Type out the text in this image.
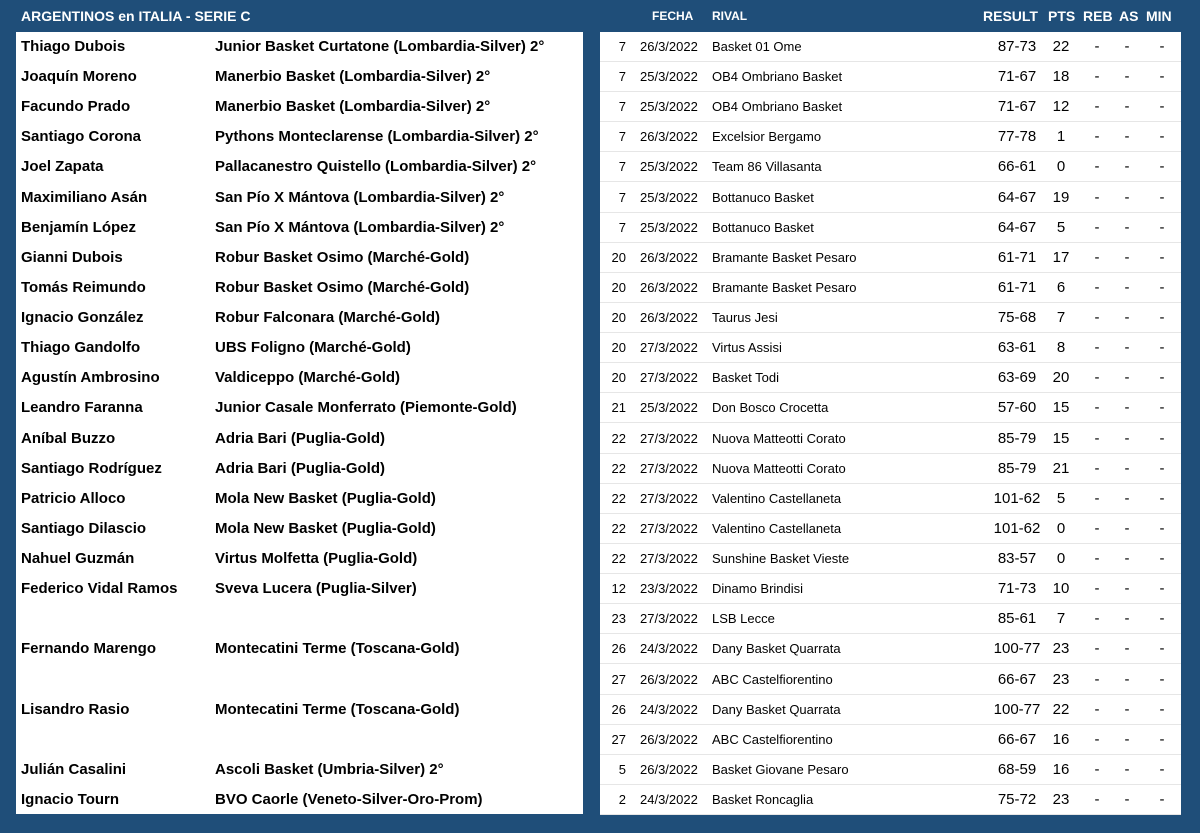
ARGENTINOS en ITALIA - SERIE C	FECHA RIVAL	RESULT PTS REB AS MIN
Thiago Dubois	Junior Basket Curtatone (Lombardia-Silver) 2°
Joaquín Moreno	Manerbio Basket (Lombardia-Silver) 2°
Facundo Prado	Manerbio Basket (Lombardia-Silver) 2°
Santiago Corona	Pythons Monteclarense (Lombardia-Silver) 2°
Joel Zapata	Pallacanestro Quistello (Lombardia-Silver) 2°
Maximiliano Asán	San Pío X Mántova (Lombardia-Silver) 2°
Benjamín López	San Pío X Mántova (Lombardia-Silver) 2°
Gianni Dubois	Robur Basket Osimo (Marché-Gold)
Tomás Reimundo	Robur Basket Osimo (Marché-Gold)
Ignacio González	Robur Falconara (Marché-Gold)
Thiago Gandolfo	UBS Foligno (Marché-Gold)
Agustín Ambrosino	Valdiceppo (Marché-Gold)
Leandro Faranna	Junior Casale Monferrato (Piemonte-Gold)
Aníbal Buzzo	Adria Bari (Puglia-Gold)
Santiago Rodríguez	Adria Bari (Puglia-Gold)
Patricio Alloco	Mola New Basket (Puglia-Gold)
Santiago Dilascio	Mola New Basket (Puglia-Gold)
Nahuel Guzmán	Virtus Molfetta (Puglia-Gold)
Federico Vidal Ramos	Sveva Lucera (Puglia-Silver)
Fernando Marengo	Montecatini Terme (Toscana-Gold)
Lisandro Rasio	Montecatini Terme (Toscana-Gold)
Julián Casalini	Ascoli Basket (Umbria-Silver) 2°
Ignacio Tourn	BVO Caorle (Veneto-Silver-Oro-Prom)
7 26/3/2022	Basket 01 Ome	87-73	22	-	-	-
7 25/3/2022	OB4 Ombriano Basket	71-67	18	-	-	-
7 25/3/2022	OB4 Ombriano Basket	71-67	12	-	-	-
7 26/3/2022	Excelsior Bergamo	77-78	1	-	-	-
7 25/3/2022	Team 86 Villasanta	66-61	0	-	-	-
7 25/3/2022	Bottanuco Basket	64-67	19	-	-	-
7 25/3/2022	Bottanuco Basket	64-67	5	-	-	-
20 26/3/2022	Bramante Basket Pesaro	61-71	17	-	-	-
20 26/3/2022	Bramante Basket Pesaro	61-71	6	-	-	-
20 26/3/2022	Taurus Jesi	75-68	7	-	-	-
20 27/3/2022	Virtus Assisi	63-61	8	-	-	-
20 27/3/2022	Basket Todi	63-69	20	-	-	-
21 25/3/2022	Don Bosco Crocetta	57-60	15	-	-	-
22 27/3/2022	Nuova Matteotti Corato	85-79	15	-	-	-
22 27/3/2022	Nuova Matteotti Corato	85-79	21	-	-	-
22 27/3/2022	Valentino Castellaneta	101-62	5	-	-	-
22 27/3/2022	Valentino Castellaneta	101-62	0	-	-	-
22 27/3/2022	Sunshine Basket Vieste	83-57	0	-	-	-
12 23/3/2022	Dinamo Brindisi	71-73	10	-	-	-
23 27/3/2022	LSB Lecce	85-61	7	-	-	-
26 24/3/2022	Dany Basket Quarrata	100-77 23	-	-	-
27 26/3/2022	ABC Castelfiorentino	66-67	23	-	-	-
26 24/3/2022	Dany Basket Quarrata	100-77 22	-	-	-
27 26/3/2022	ABC Castelfiorentino	66-67	16	-	-	-
5 26/3/2022	Basket Giovane Pesaro	68-59	16	-	-	-
2 24/3/2022	Basket Roncaglia	75-72	23	-	-	-
